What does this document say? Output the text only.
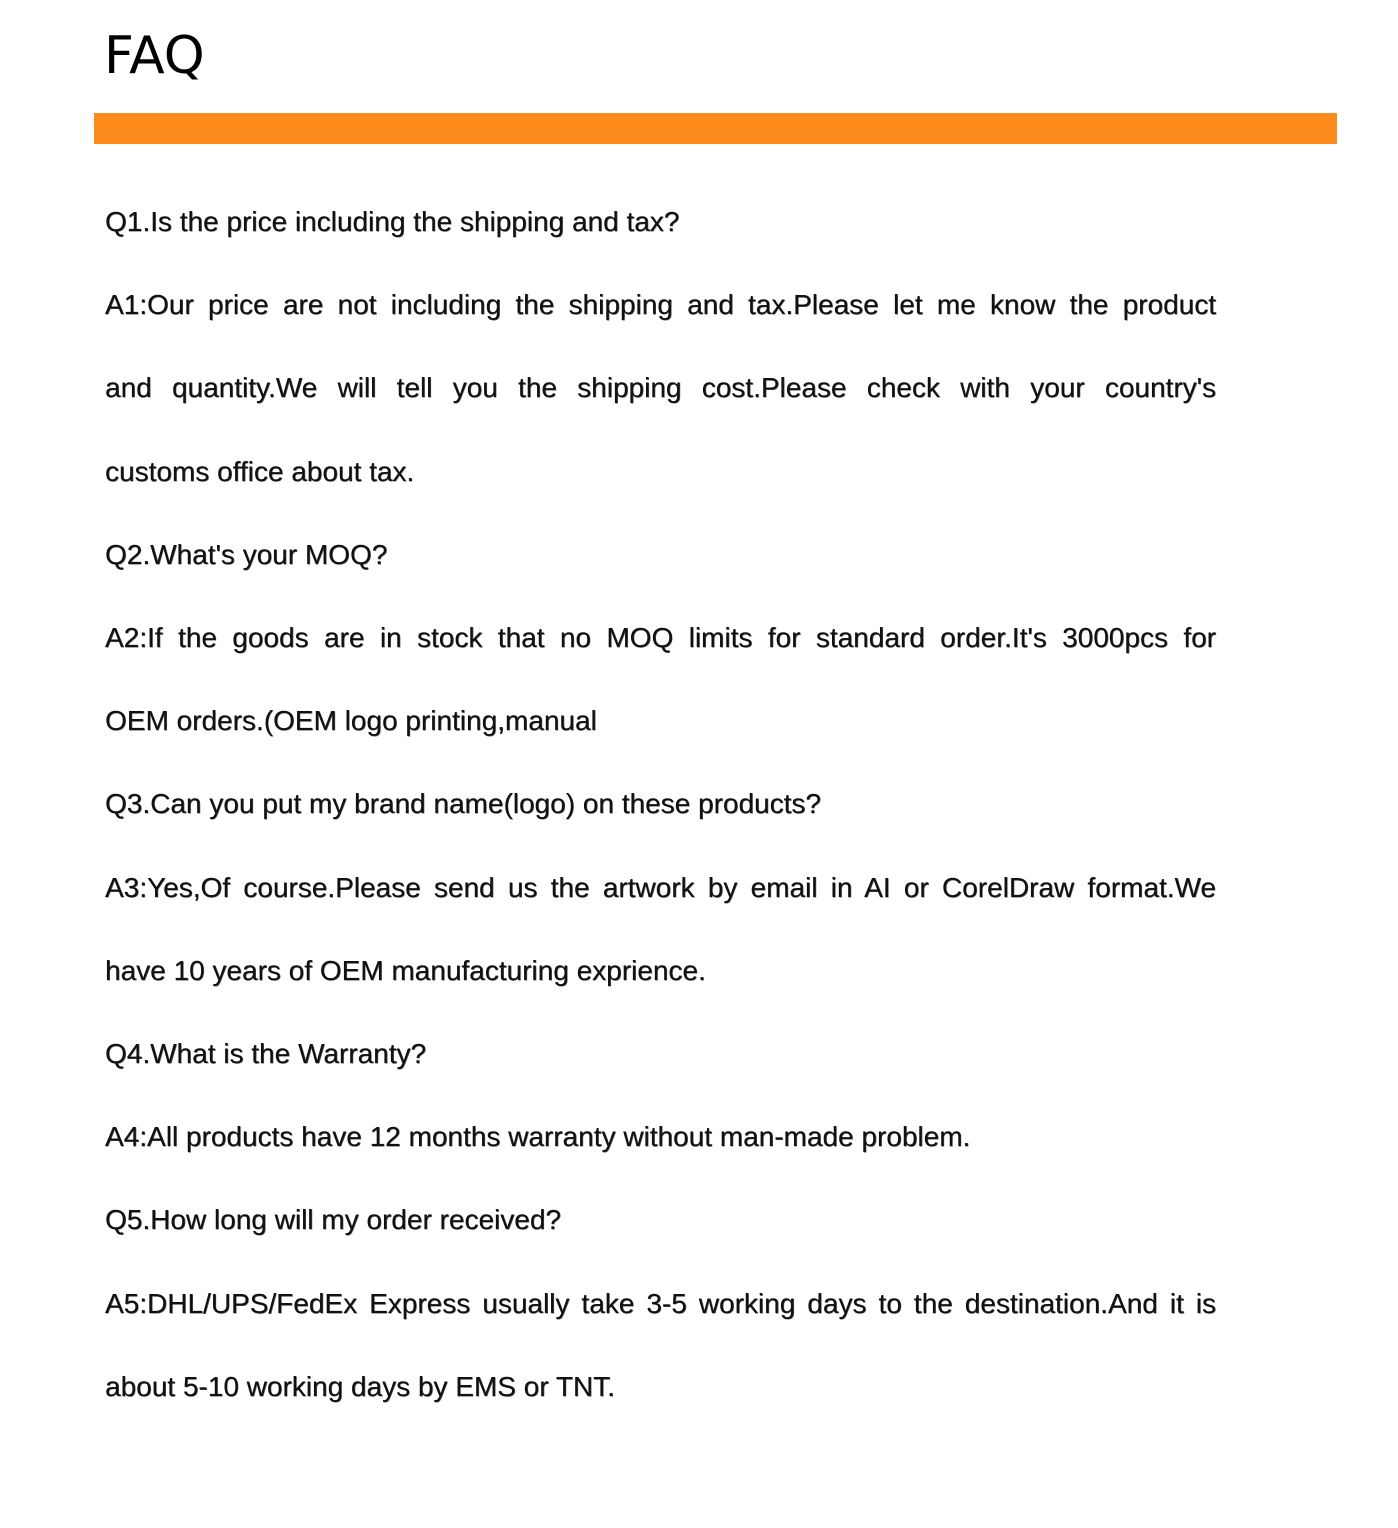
FAQ
Q1.Is the price including the shipping and tax?
A1:Our price are not including the shipping and tax.Please let me know the product
and quantity.We will tell you the shipping cost.Please check with your country's
customs office about tax.
Q2.What's your MOQ?
A2:If the goods are in stock that no MOQ limits for standard order.It's 3000pcs for
OEM orders.(OEM logo printing,manual
Q3.Can you put my brand name(logo) on these products?
A3:Yes,Of course.Please send us the artwork by email in AI or CorelDraw format.We
have 10 years of OEM manufacturing exprience.
Q4.What is the Warranty?
A4:All products have 12 months warranty without man-made problem.
Q5.How long will my order received?
A5:DHL/UPS/FedEx Express usually take 3-5 working days to the destination.And it is
about 5-10 working days by EMS or TNT.
